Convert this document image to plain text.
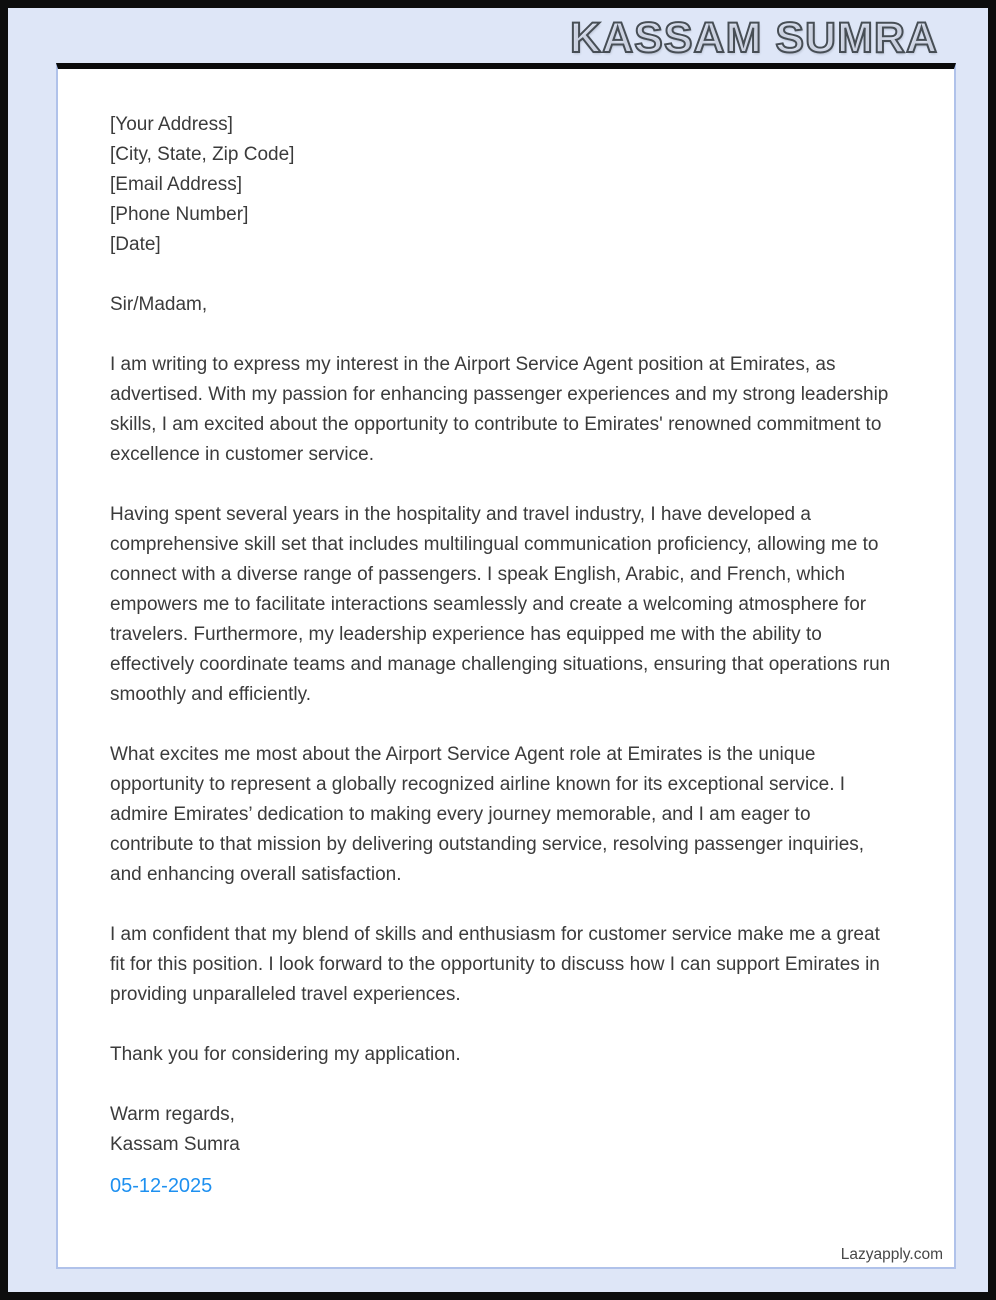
KASSAM SUMRA
[Your Address]
[City, State, Zip Code]
[Email Address]
[Phone Number]
[Date]
Sir/Madam,

I am writing to express my interest in the Airport Service Agent position at Emirates, as advertised. With my passion for enhancing passenger experiences and my strong leadership skills, I am excited about the opportunity to contribute to Emirates' renowned commitment to excellence in customer service.

Having spent several years in the hospitality and travel industry, I have developed a comprehensive skill set that includes multilingual communication proficiency, allowing me to connect with a diverse range of passengers. I speak English, Arabic, and French, which empowers me to facilitate interactions seamlessly and create a welcoming atmosphere for travelers. Furthermore, my leadership experience has equipped me with the ability to effectively coordinate teams and manage challenging situations, ensuring that operations run smoothly and efficiently.

What excites me most about the Airport Service Agent role at Emirates is the unique opportunity to represent a globally recognized airline known for its exceptional service. I admire Emirates’ dedication to making every journey memorable, and I am eager to contribute to that mission by delivering outstanding service, resolving passenger inquiries, and enhancing overall satisfaction.

I am confident that my blend of skills and enthusiasm for customer service make me a great fit for this position. I look forward to the opportunity to discuss how I can support Emirates in providing unparalleled travel experiences.

Thank you for considering my application.
Warm regards,
Kassam Sumra
05-12-2025
Lazyapply.com
